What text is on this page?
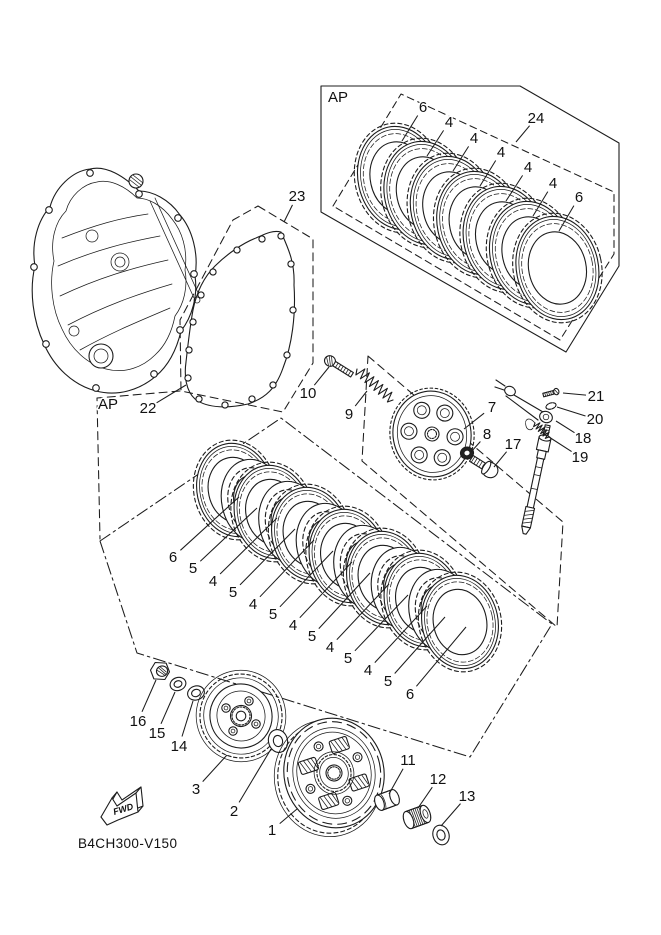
FWD
B4CH300-V150
AP
6
4	24
4
4
4
4
6
23
22
AP
10
9	7
8
17
21
20
18
19
6
5
4
5
4
5
4
5
4
5
4
5
6
16
15
14
3
2
1
11
12
13
